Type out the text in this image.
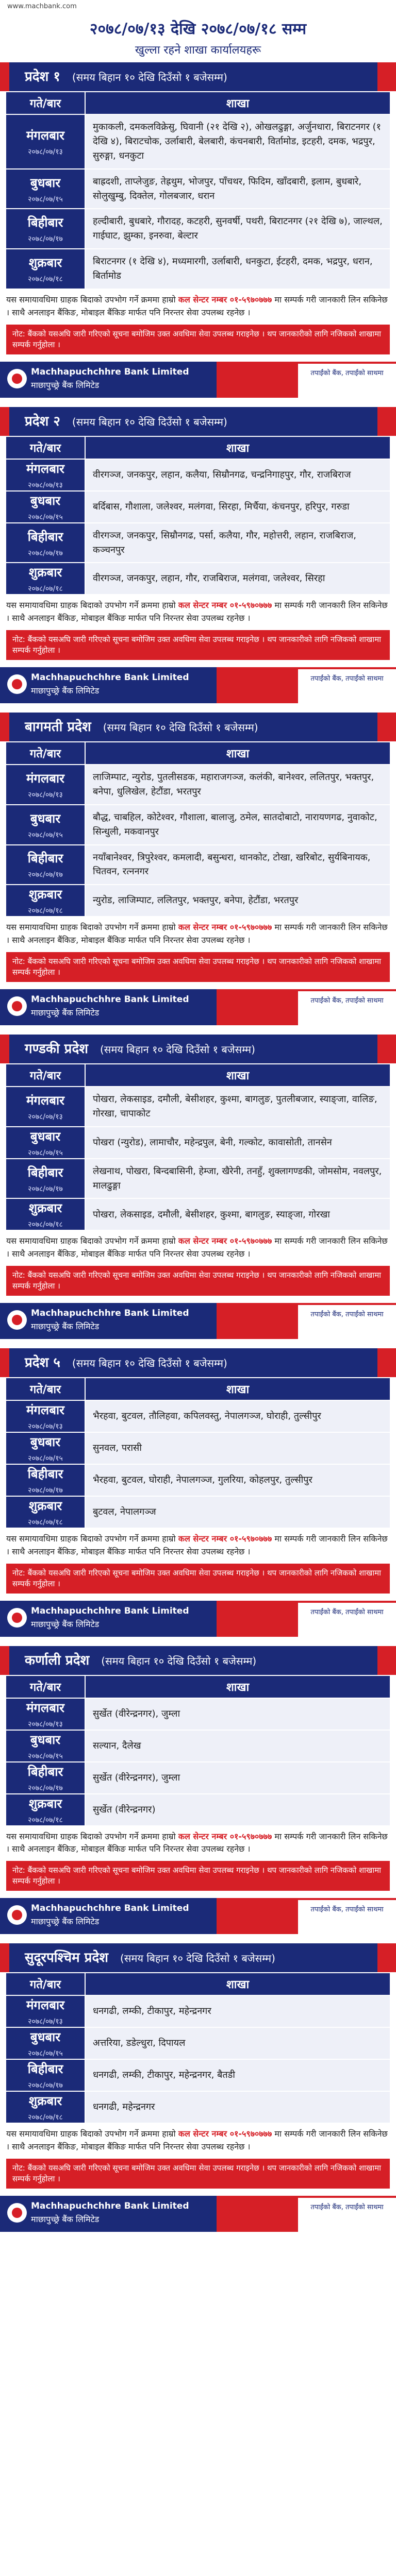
www.machbank.com
२०७८/०७/१३ देखि २०७८/०७/१८ सम्म
खुल्ला रहने शाखा कार्यालयहरू
प्रदेश १ (समय बिहान १० देखि दिउँसो १ बजेसम्म)
गते/बार	शाखा
मंगलबार
२०७८/०७/१३	मुकाकली, दमकलविक्रेसु, घिवानी (२१ देखि २), ओखलढुङ्गा, अर्जुनधारा, बिराटनगर (१ देखि ४), बिराटचोक, उर्लाबारी, बेलबारी, कंचनबारी, विर्तामोड, इटहरी, दमक, भद्रपुर, सुरुङ्गा, धनकुटा
बुधबार
२०७८/०७/१५	बाह्रदशी, ताप्लेजुङ, तेह्रथुम, भोजपुर, पाँचथर, फिदिम, खाँदबारी, इलाम, बुधबारे, सोलुखुम्बु, दिक्तेल, गोलबजार, धरान
बिहीबार
२०७८/०७/१७	हल्दीबारी, बुधबारे, गौरादह, कटहरी, सुनवर्षी, पथरी, बिराटनगर (२१ देखि ७), जाल्थल, गाईघाट, झुम्का, इनरुवा, बेल्टार
शुक्रबार
२०७८/०७/१८	बिराटनगर (१ देखि ४), मध्यमारगी, उर्लाबारी, धनकुटा, ईटहरी, दमक, भद्रपुर, धरान, बिर्तामोड
यस समायावधिमा ग्राहक बिदाको उपभोग गर्ने क्रममा हाम्रो कल सेन्टर नम्बर ०१-५९७०७७७ मा सम्पर्क गरी जानकारी लिन सकिनेछ । साथै अनलाइन बैंकिङ, मोबाइल बैंकिङ मार्फत पनि निरन्तर सेवा उपलब्ध रहनेछ ।
नोट: बैंकको यसअघि जारी गरिएको सूचना बमोजिम उक्त अवधिमा सेवा उपलब्ध गराइनेछ । थप जानकारीको लागि नजिकको शाखामा सम्पर्क गर्नुहोला ।
Machhapuchchhre Bank Limited
माछापुच्छ्रे बैंक लिमिटेड
तपाईंको बैंक, तपाईंको साथमा
प्रदेश २ (समय बिहान १० देखि दिउँसो १ बजेसम्म)
गते/बार	शाखा
मंगलबार
२०७८/०७/१३	वीरगञ्ज, जनकपुर, लहान, कलैया, सिम्रौनगढ, चन्द्रनिगाहपुर, गौर, राजबिराज
बुधबार
२०७८/०७/१५	बर्दिबास, गौशाला, जलेश्वर, मलंगवा, सिरहा, मिर्चैया, कंचनपुर, हरिपुर, गरुडा
बिहीबार
२०७८/०७/१७	वीरगञ्ज, जनकपुर, सिम्रौनगढ, पर्सा, कलैया, गौर, महोत्तरी, लहान, राजबिराज, कञ्चनपुर
शुक्रबार
२०७८/०७/१८	वीरगञ्ज, जनकपुर, लहान, गौर, राजबिराज, मलंगवा, जलेश्वर, सिरहा
यस समायावधिमा ग्राहक बिदाको उपभोग गर्ने क्रममा हाम्रो कल सेन्टर नम्बर ०१-५९७०७७७ मा सम्पर्क गरी जानकारी लिन सकिनेछ । साथै अनलाइन बैंकिङ, मोबाइल बैंकिङ मार्फत पनि निरन्तर सेवा उपलब्ध रहनेछ ।
नोट: बैंकको यसअघि जारी गरिएको सूचना बमोजिम उक्त अवधिमा सेवा उपलब्ध गराइनेछ । थप जानकारीको लागि नजिकको शाखामा सम्पर्क गर्नुहोला ।
Machhapuchchhre Bank Limited
माछापुच्छ्रे बैंक लिमिटेड
तपाईंको बैंक, तपाईंको साथमा
बागमती प्रदेश (समय बिहान १० देखि दिउँसो १ बजेसम्म)
गते/बार	शाखा
मंगलबार
२०७८/०७/१३	लाजिम्पाट, न्युरोड, पुतलीसडक, महाराजगञ्ज, कलंकी, बानेश्वर, ललितपुर, भक्तपुर, बनेपा, धुलिखेल, हेटौंडा, भरतपुर
बुधबार
२०७८/०७/१५	बौद्ध, चाबहिल, कोटेश्वर, गौशाला, बालाजु, ठमेल, सातदोबाटो, नारायणगढ, नुवाकोट, सिन्धुली, मकवानपुर
बिहीबार
२०७८/०७/१७	नयाँबानेश्वर, त्रिपुरेश्वर, कमलादी, बसुन्धरा, थानकोट, टोखा, खरिबोट, सुर्यबिनायक, चितवन, रत्ननगर
शुक्रबार
२०७८/०७/१८	न्युरोड, लाजिम्पाट, ललितपुर, भक्तपुर, बनेपा, हेटौंडा, भरतपुर
यस समायावधिमा ग्राहक बिदाको उपभोग गर्ने क्रममा हाम्रो कल सेन्टर नम्बर ०१-५९७०७७७ मा सम्पर्क गरी जानकारी लिन सकिनेछ । साथै अनलाइन बैंकिङ, मोबाइल बैंकिङ मार्फत पनि निरन्तर सेवा उपलब्ध रहनेछ ।
नोट: बैंकको यसअघि जारी गरिएको सूचना बमोजिम उक्त अवधिमा सेवा उपलब्ध गराइनेछ । थप जानकारीको लागि नजिकको शाखामा सम्पर्क गर्नुहोला ।
Machhapuchchhre Bank Limited
माछापुच्छ्रे बैंक लिमिटेड
तपाईंको बैंक, तपाईंको साथमा
गण्डकी प्रदेश (समय बिहान १० देखि दिउँसो १ बजेसम्म)
गते/बार	शाखा
मंगलबार
२०७८/०७/१३	पोखरा, लेकसाइड, दमौली, बेसीशहर, कुश्मा, बागलुङ, पुतलीबजार, स्याङ्जा, वालिङ, गोरखा, चापाकोट
बुधबार
२०७८/०७/१५	पोखरा (न्युरोड), लामाचौर, महेन्द्रपुल, बेनी, गल्कोट, कावासोती, तानसेन
बिहीबार
२०७८/०७/१७	लेखनाथ, पोखरा, बिन्दबासिनी, हेम्जा, खैरेनी, तनहुँ, शुक्लागण्डकी, जोमसोम, नवलपुर, मालढुङ्गा
शुक्रबार
२०७८/०७/१८	पोखरा, लेकसाइड, दमौली, बेसीशहर, कुश्मा, बागलुङ, स्याङ्जा, गोरखा
यस समायावधिमा ग्राहक बिदाको उपभोग गर्ने क्रममा हाम्रो कल सेन्टर नम्बर ०१-५९७०७७७ मा सम्पर्क गरी जानकारी लिन सकिनेछ । साथै अनलाइन बैंकिङ, मोबाइल बैंकिङ मार्फत पनि निरन्तर सेवा उपलब्ध रहनेछ ।
नोट: बैंकको यसअघि जारी गरिएको सूचना बमोजिम उक्त अवधिमा सेवा उपलब्ध गराइनेछ । थप जानकारीको लागि नजिकको शाखामा सम्पर्क गर्नुहोला ।
Machhapuchchhre Bank Limited
माछापुच्छ्रे बैंक लिमिटेड
तपाईंको बैंक, तपाईंको साथमा
प्रदेश ५ (समय बिहान १० देखि दिउँसो १ बजेसम्म)
गते/बार	शाखा
मंगलबार
२०७८/०७/१३	भैरहवा, बुटवल, तौलिहवा, कपिलवस्तु, नेपालगञ्ज, घोराही, तुल्सीपुर
बुधबार
२०७८/०७/१५	सुनवल, परासी
बिहीबार
२०७८/०७/१७	भैरहवा, बुटवल, घोराही, नेपालगञ्ज, गुलरिया, कोहलपुर, तुल्सीपुर
शुक्रबार
२०७८/०७/१८	बुटवल, नेपालगञ्ज
यस समायावधिमा ग्राहक बिदाको उपभोग गर्ने क्रममा हाम्रो कल सेन्टर नम्बर ०१-५९७०७७७ मा सम्पर्क गरी जानकारी लिन सकिनेछ । साथै अनलाइन बैंकिङ, मोबाइल बैंकिङ मार्फत पनि निरन्तर सेवा उपलब्ध रहनेछ ।
नोट: बैंकको यसअघि जारी गरिएको सूचना बमोजिम उक्त अवधिमा सेवा उपलब्ध गराइनेछ । थप जानकारीको लागि नजिकको शाखामा सम्पर्क गर्नुहोला ।
Machhapuchchhre Bank Limited
माछापुच्छ्रे बैंक लिमिटेड
तपाईंको बैंक, तपाईंको साथमा
कर्णाली प्रदेश (समय बिहान १० देखि दिउँसो १ बजेसम्म)
गते/बार	शाखा
मंगलबार
२०७८/०७/१३	सुर्खेत (वीरेन्द्रनगर), जुम्ला
बुधबार
२०७८/०७/१५	सल्यान, दैलेख
बिहीबार
२०७८/०७/१७	सुर्खेत (वीरेन्द्रनगर), जुम्ला
शुक्रबार
२०७८/०७/१८	सुर्खेत (वीरेन्द्रनगर)
यस समायावधिमा ग्राहक बिदाको उपभोग गर्ने क्रममा हाम्रो कल सेन्टर नम्बर ०१-५९७०७७७ मा सम्पर्क गरी जानकारी लिन सकिनेछ । साथै अनलाइन बैंकिङ, मोबाइल बैंकिङ मार्फत पनि निरन्तर सेवा उपलब्ध रहनेछ ।
नोट: बैंकको यसअघि जारी गरिएको सूचना बमोजिम उक्त अवधिमा सेवा उपलब्ध गराइनेछ । थप जानकारीको लागि नजिकको शाखामा सम्पर्क गर्नुहोला ।
Machhapuchchhre Bank Limited
माछापुच्छ्रे बैंक लिमिटेड
तपाईंको बैंक, तपाईंको साथमा
सुदूरपश्चिम प्रदेश (समय बिहान १० देखि दिउँसो १ बजेसम्म)
गते/बार	शाखा
मंगलबार
२०७८/०७/१३	धनगढी, लम्की, टीकापुर, महेन्द्रनगर
बुधबार
२०७८/०७/१५	अत्तरिया, डडेल्धुरा, दिपायल
बिहीबार
२०७८/०७/१७	धनगढी, लम्की, टीकापुर, महेन्द्रनगर, बैतडी
शुक्रबार
२०७८/०७/१८	धनगढी, महेन्द्रनगर
यस समायावधिमा ग्राहक बिदाको उपभोग गर्ने क्रममा हाम्रो कल सेन्टर नम्बर ०१-५९७०७७७ मा सम्पर्क गरी जानकारी लिन सकिनेछ । साथै अनलाइन बैंकिङ, मोबाइल बैंकिङ मार्फत पनि निरन्तर सेवा उपलब्ध रहनेछ ।
नोट: बैंकको यसअघि जारी गरिएको सूचना बमोजिम उक्त अवधिमा सेवा उपलब्ध गराइनेछ । थप जानकारीको लागि नजिकको शाखामा सम्पर्क गर्नुहोला ।
Machhapuchchhre Bank Limited
माछापुच्छ्रे बैंक लिमिटेड
तपाईंको बैंक, तपाईंको साथमा
